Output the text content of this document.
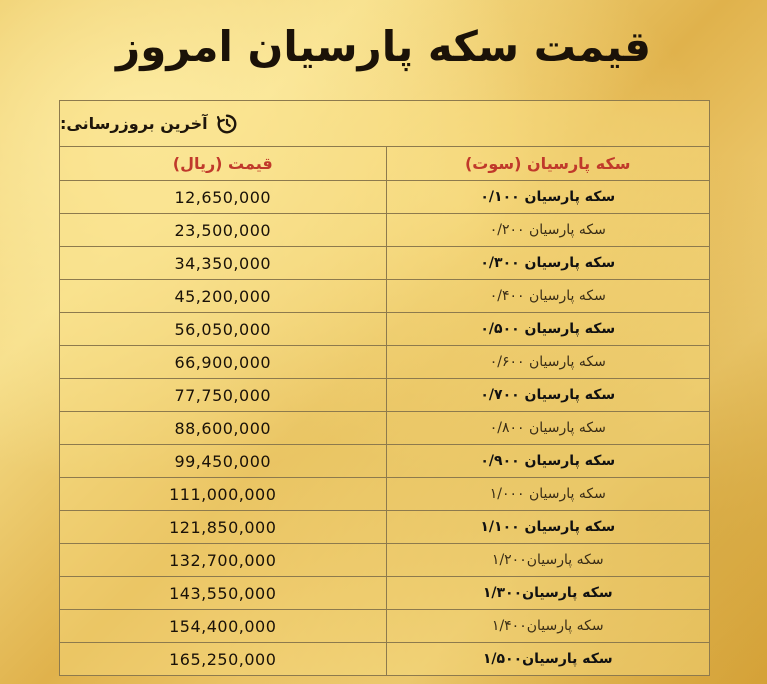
قیمت سکه پارسیان امروز
آخرین بروزرسانی:	

قیمت (ریال)	سکه پارسیان (سوت)
12,650,000	سکه پارسیان ۰/۱۰۰
23,500,000	سکه پارسیان ۰/۲۰۰
34,350,000	سکه پارسیان ۰/۳۰۰
45,200,000	سکه پارسیان ۰/۴۰۰
56,050,000	سکه پارسیان ۰/۵۰۰
66,900,000	سکه پارسیان ۰/۶۰۰
77,750,000	سکه پارسیان ۰/۷۰۰
88,600,000	سکه پارسیان ۰/۸۰۰
99,450,000	سکه پارسیان ۰/۹۰۰
111,000,000	سکه پارسیان ۱/۰۰۰
121,850,000	سکه پارسیان ۱/۱۰۰
132,700,000	سکه پارسیان۱/۲۰۰
143,550,000	سکه پارسیان۱/۳۰۰
154,400,000	سکه پارسیان۱/۴۰۰
165,250,000	سکه پارسیان۱/۵۰۰
